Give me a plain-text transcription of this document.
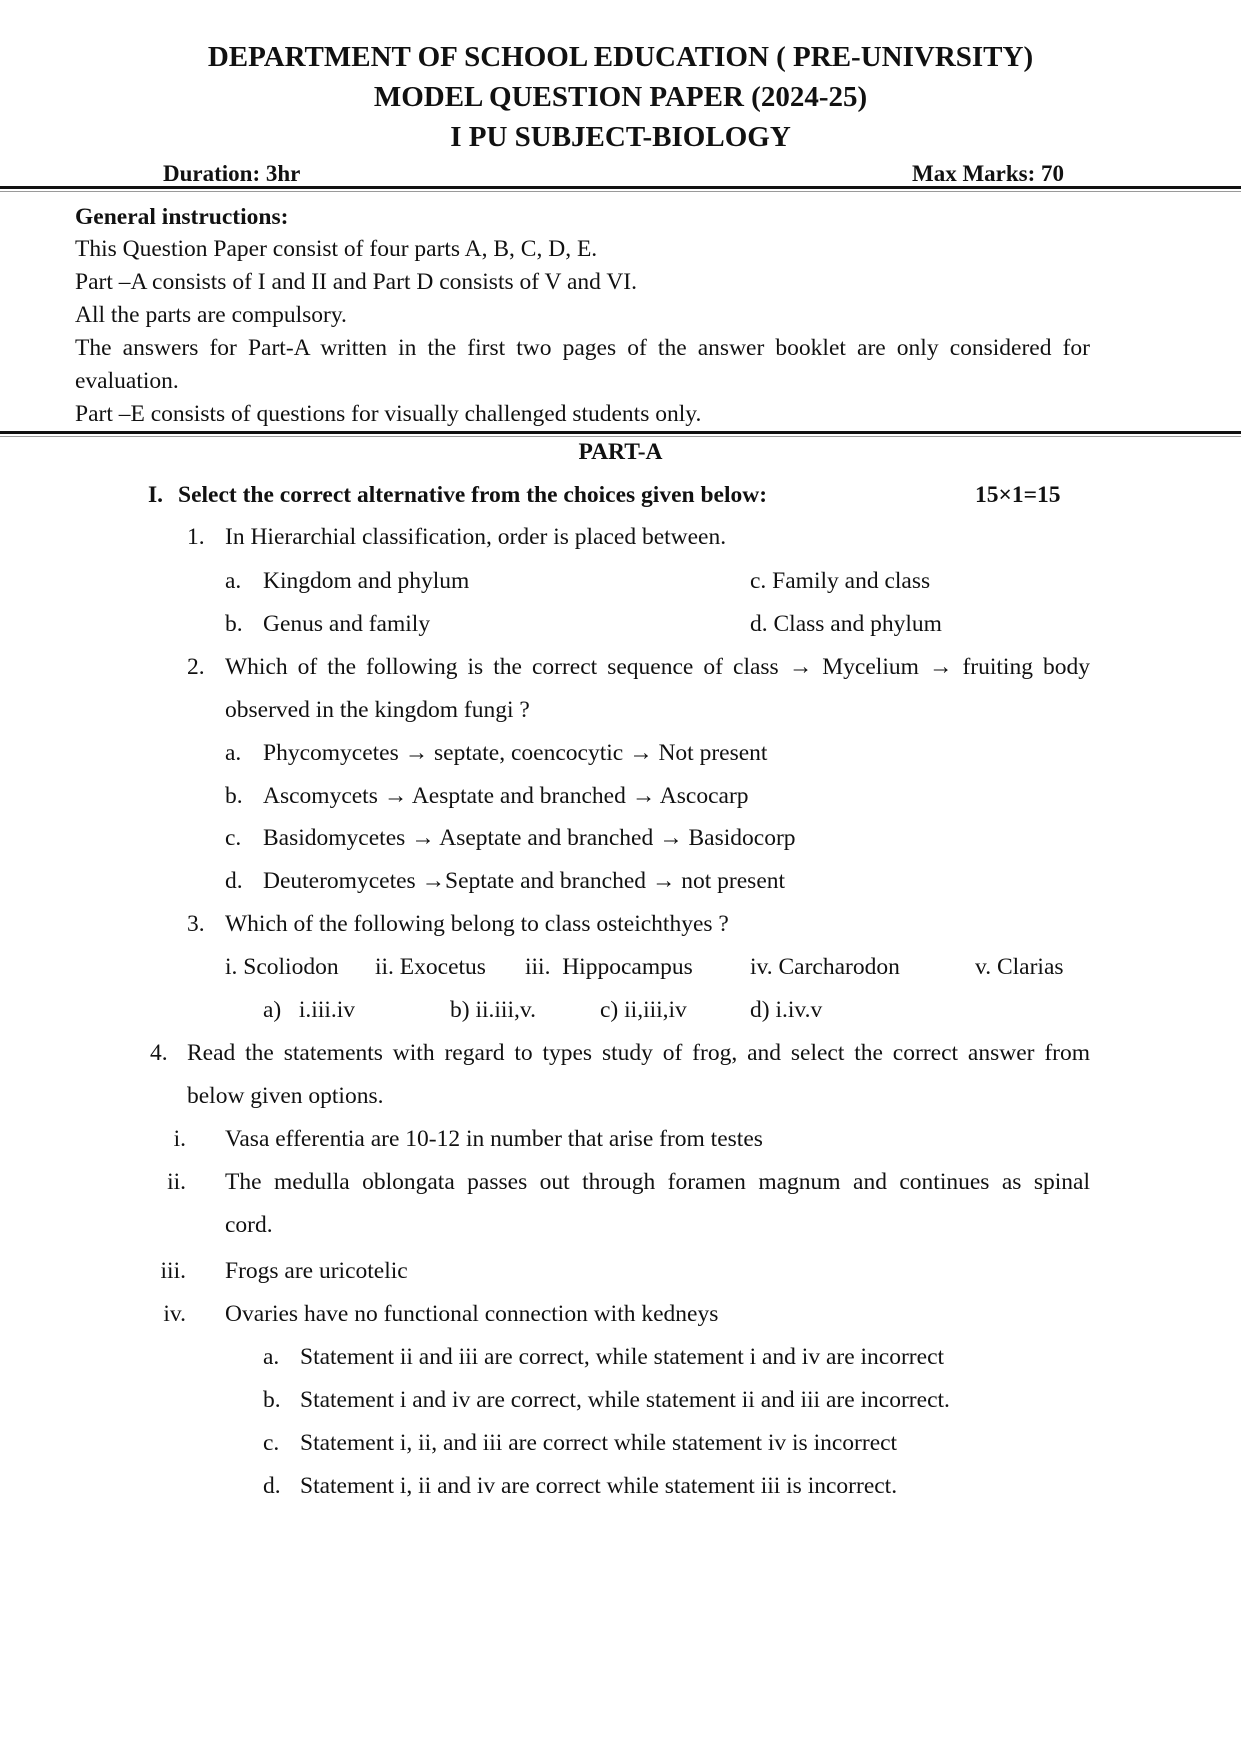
DEPARTMENT OF SCHOOL EDUCATION ( PRE-UNIVRSITY)
MODEL QUESTION PAPER (2024-25)
I PU SUBJECT-BIOLOGY
Duration: 3hr	Max Marks: 70
General instructions:
This Question Paper consist of four parts A, B, C, D, E.
Part –A consists of I and II and Part D consists of V and VI.
All the parts are compulsory.
The answers for Part-A written in the first two pages of the answer booklet are only considered for
evaluation.
Part –E consists of questions for visually challenged students only.
PART-A
I. Select the correct alternative from the choices given below:	15×1=15
1. In Hierarchial classification, order is placed between.
a. Kingdom and phylum	c. Family and class
b. Genus and family	d. Class and phylum
2. Which of the following is the correct sequence of class → Mycelium → fruiting body
observed in the kingdom fungi ?
a. Phycomycetes → septate, coencocytic → Not present
b. Ascomycets → Aesptate and branched → Ascocarp
c. Basidomycetes → Aseptate and branched → Basidocorp
d. Deuteromycetes →Septate and branched → not present
3. Which of the following belong to class osteichthyes ?
i. Scoliodon ii. Exocetus iii.  Hippocampus iv. Carcharodon	v. Clarias
a)   i.iii.iv	b) ii.iii,v.	c) ii,iii,iv	d) i.iv.v
4. Read the statements with regard to types study of frog, and select the correct answer from
below given options.
i. Vasa efferentia are 10-12 in number that arise from testes
ii. The medulla oblongata passes out through foramen magnum and continues as spinal
cord.
iii. Frogs are uricotelic
iv. Ovaries have no functional connection with kedneys
a. Statement ii and iii are correct, while statement i and iv are incorrect
b. Statement i and iv are correct, while statement ii and iii are incorrect.
c. Statement i, ii, and iii are correct while statement iv is incorrect
d. Statement i, ii and iv are correct while statement iii is incorrect.
